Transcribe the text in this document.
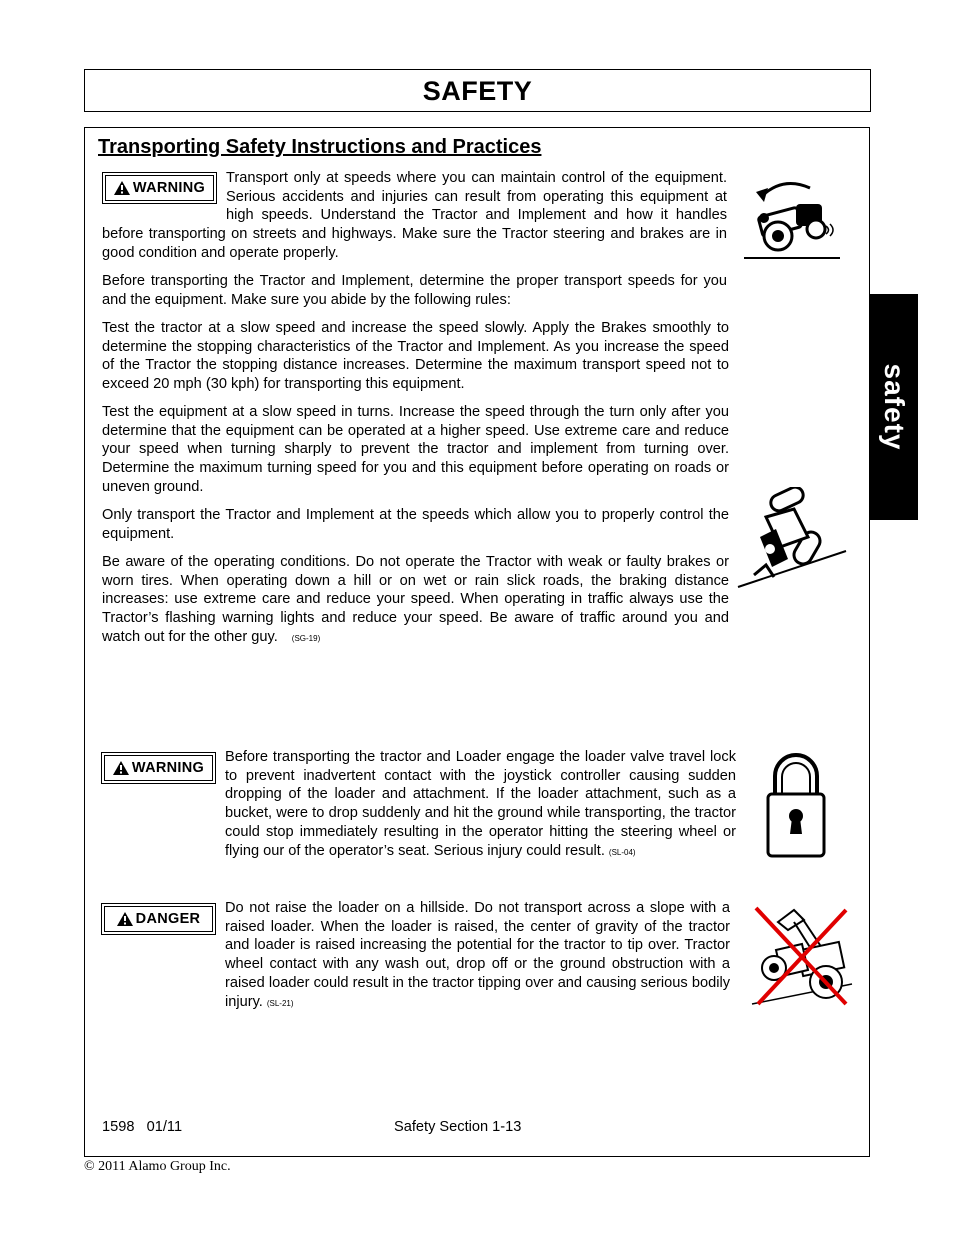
SAFETY
safety
Transporting Safety Instructions and Practices
WARNING
Transport only at speeds where you can maintain control of the equipment. Serious accidents and injuries can result from operating this equipment at high speeds. Understand the Tractor and Implement and how it handles before transporting on streets and highways. Make sure the Tractor steering and brakes are in good condition and operate properly.
Before transporting the Tractor and Implement, determine the proper transport speeds for you and the equipment. Make sure you abide by the following rules:
Test the tractor at a slow speed and increase the speed slowly. Apply the Brakes smoothly to determine the stopping characteristics of the Tractor and Implement. As you increase the speed of the Tractor the stopping distance increases. Determine the maximum transport speed not to exceed 20 mph (30 kph) for transporting this equipment.
Test the equipment at a slow speed in turns. Increase the speed through the turn only after you determine that the equipment can be operated at a higher speed. Use extreme care and reduce your speed when turning sharply to prevent the tractor and implement from turning over. Determine the maximum turning speed for you and this equipment before operating on roads or uneven ground.
Only transport the Tractor and Implement at the speeds which allow you to properly control the equipment.
Be aware of the operating conditions. Do not operate the Tractor with weak or faulty brakes or worn tires. When operating down a hill or on wet or rain slick roads, the braking distance increases: use extreme care and reduce your speed. When operating in traffic always use the Tractor’s flashing warning lights and reduce your speed. Be aware of traffic around you and watch out for the other guy. (SG-19)
WARNING
Before transporting the tractor and Loader engage the loader valve travel lock to prevent inadvertent contact with the joystick controller causing sudden dropping of the loader and attachment. If the loader attachment, such as a bucket, were to drop suddenly and hit the ground while transporting, the tractor could stop immediately resulting in the operator hitting the steering wheel or flying our of the operator’s seat. Serious injury could result. (SL-04)
DANGER
Do not raise the loader on a hillside. Do not transport across a slope with a raised loader. When the loader is raised, the center of gravity of the tractor and loader is raised increasing the potential for the tractor to tip over. Tractor wheel contact with any wash out, drop off or the ground obstruction with a raised loader could result in the tractor tipping over and causing serious bodily injury. (SL-21)
1598   01/11	Safety Section 1-13
© 2011 Alamo Group Inc.
